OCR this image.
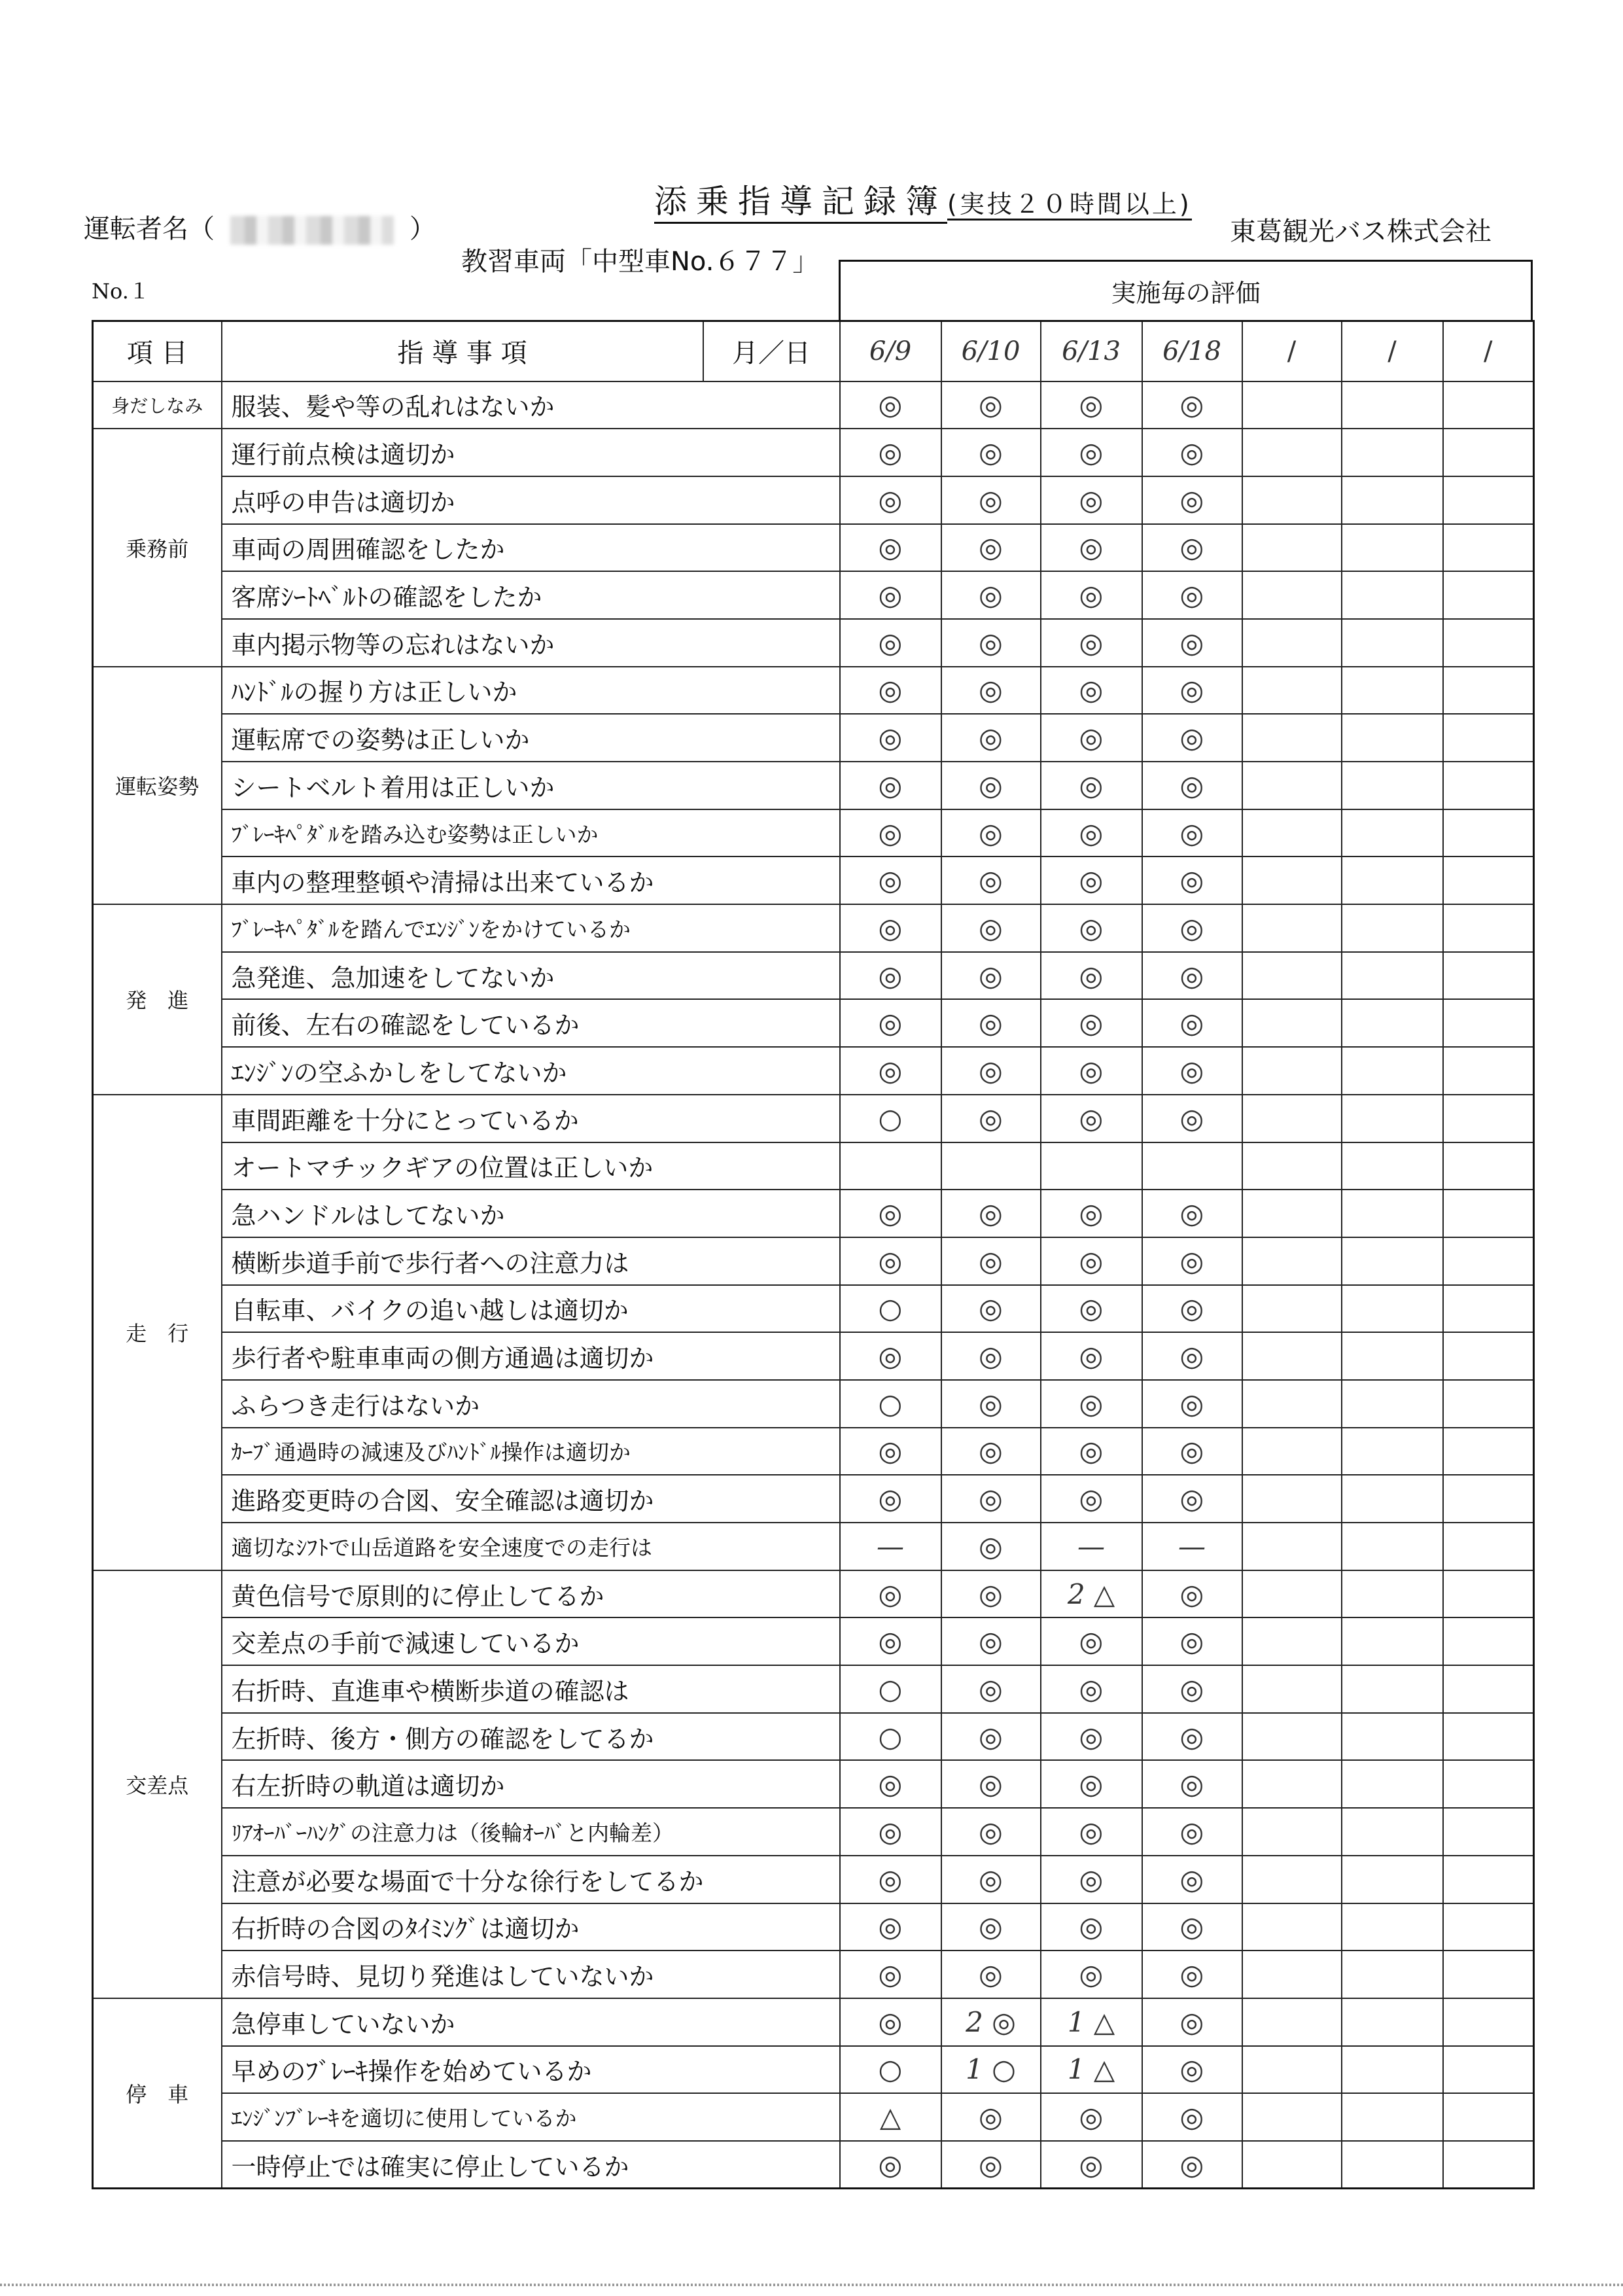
添乗指導記録簿(実技２０時間以上)
運転者名（	）	東葛観光バス株式会社
教習車両「中型車No.６７７」
No.１	実施毎の評価
項 目	指 導 事 項	月／日	6/9	6/10	6/13	6/18	/	/	/
身だしなみ	服装、髪や等の乱れはないか		◎	◎	◎	◎			
乗務前	運行前点検は適切か		◎	◎	◎	◎			
	点呼の申告は適切か		◎	◎	◎	◎			
	車両の周囲確認をしたか		◎	◎	◎	◎			
	客席ｼｰﾄﾍﾞﾙﾄの確認をしたか		◎	◎	◎	◎			
	車内掲示物等の忘れはないか		◎	◎	◎	◎			
運転姿勢	ﾊﾝﾄﾞﾙの握り方は正しいか		◎	◎	◎	◎			
	運転席での姿勢は正しいか		◎	◎	◎	◎			
	シートベルト着用は正しいか		◎	◎	◎	◎			
	ﾌﾞﾚｰｷﾍﾟﾀﾞﾙを踏み込む姿勢は正しいか		◎	◎	◎	◎			
	車内の整理整頓や清掃は出来ているか		◎	◎	◎	◎			
発　進	ﾌﾞﾚｰｷﾍﾟﾀﾞﾙを踏んでｴﾝｼﾞﾝをかけているか		◎	◎	◎	◎			
	急発進、急加速をしてないか		◎	◎	◎	◎			
	前後、左右の確認をしているか		◎	◎	◎	◎			
	ｴﾝｼﾞﾝの空ふかしをしてないか		◎	◎	◎	◎			
走　行	車間距離を十分にとっているか		○	◎	◎	◎			
	オートマチックギアの位置は正しいか								
	急ハンドルはしてないか		◎	◎	◎	◎			
	横断歩道手前で歩行者への注意力は		◎	◎	◎	◎			
	自転車、バイクの追い越しは適切か		○	◎	◎	◎			
	歩行者や駐車車両の側方通過は適切か		◎	◎	◎	◎			
	ふらつき走行はないか		○	◎	◎	◎			
	ｶｰﾌﾞ通過時の減速及びﾊﾝﾄﾞﾙ操作は適切か		◎	◎	◎	◎			
	進路変更時の合図、安全確認は適切か		◎	◎	◎	◎			
	適切なｼﾌﾄで山岳道路を安全速度での走行は		—	◎	—	—			
交差点	黄色信号で原則的に停止してるか		◎	◎	2 △	◎			
	交差点の手前で減速しているか		◎	◎	◎	◎			
	右折時、直進車や横断歩道の確認は		○	◎	◎	◎			
	左折時、後方・側方の確認をしてるか		○	◎	◎	◎			
	右左折時の軌道は適切か		◎	◎	◎	◎			
	ﾘｱｵｰﾊﾞｰﾊﾝｸﾞの注意力は（後輪ｵｰﾊﾞと内輪差）		◎	◎	◎	◎			
	注意が必要な場面で十分な徐行をしてるか		◎	◎	◎	◎			
	右折時の合図のﾀｲﾐﾝｸﾞは適切か		◎	◎	◎	◎			
	赤信号時、見切り発進はしていないか		◎	◎	◎	◎			
停　車	急停車していないか		◎	2 ◎	1 △	◎			
	早めのﾌﾞﾚｰｷ操作を始めているか		○	1 ○	1 △	◎			
	ｴﾝｼﾞﾝﾌﾞﾚｰｷを適切に使用しているか		△	◎	◎	◎			
	一時停止では確実に停止しているか		◎	◎	◎	◎			
